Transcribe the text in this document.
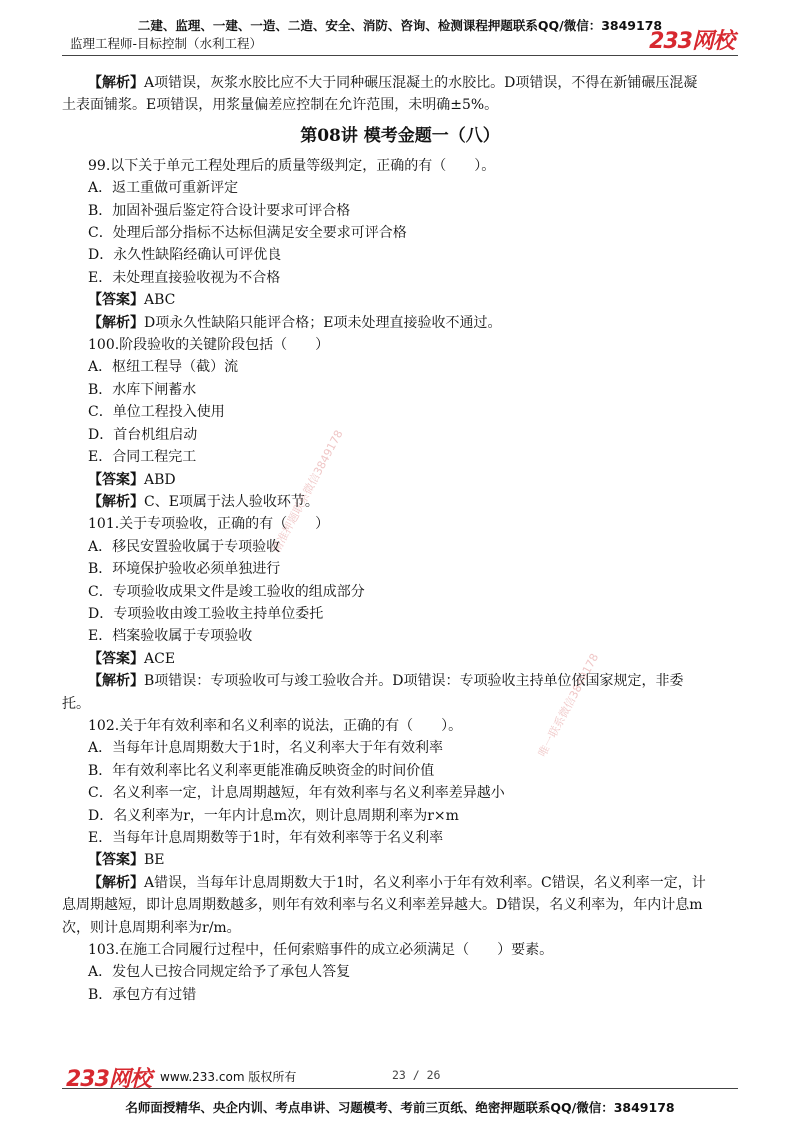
二建、监理、一建、一造、二造、安全、消防、咨询、检测课程押题联系QQ/微信：3849178
监理工程师-目标控制（水利工程）	233网校
精准押题联系微信3849178
唯一联系微信3849178

【解析】A项错误，灰浆水胶比应不大于同种碾压混凝土的水胶比。D项错误，不得在新铺碾压混凝

土表面铺浆。E项错误，用浆量偏差应控制在允许范围，未明确±5%。

第08讲 模考金题一（八）

99.以下关于单元工程处理后的质量等级判定，正确的有（　　）。

A．返工重做可重新评定

B．加固补强后鉴定符合设计要求可评合格

C．处理后部分指标不达标但满足安全要求可评合格

D．永久性缺陷经确认可评优良

E．未处理直接验收视为不合格

【答案】ABC

【解析】D项永久性缺陷只能评合格；E项未处理直接验收不通过。

100.阶段验收的关键阶段包括（　　）

A．枢纽工程导（截）流

B．水库下闸蓄水

C．单位工程投入使用

D．首台机组启动

E．合同工程完工

【答案】ABD

【解析】C、E项属于法人验收环节。

101.关于专项验收，正确的有（　　）

A．移民安置验收属于专项验收

B．环境保护验收必须单独进行

C．专项验收成果文件是竣工验收的组成部分

D．专项验收由竣工验收主持单位委托

E．档案验收属于专项验收

【答案】ACE

【解析】B项错误：专项验收可与竣工验收合并。D项错误：专项验收主持单位依国家规定，非委

托。

102.关于年有效利率和名义利率的说法，正确的有（　　）。

A．当每年计息周期数大于1时，名义利率大于年有效利率

B．年有效利率比名义利率更能准确反映资金的时间价值

C．名义利率一定，计息周期越短，年有效利率与名义利率差异越小

D．名义利率为r，一年内计息m次，则计息周期利率为r×m

E．当每年计息周期数等于1时，年有效利率等于名义利率

【答案】BE

【解析】A错误，当每年计息周期数大于1时，名义利率小于年有效利率。C错误，名义利率一定，计

息周期越短，即计息周期数越多，则年有效利率与名义利率差异越大。D错误，名义利率为，年内计息m

次，则计息周期利率为r/m。

103.在施工合同履行过程中，任何索赔事件的成立必须满足（　　）要素。

A．发包人已按合同规定给予了承包人答复

B．承包方有过错

233网校 www.233.com 版权所有	23 / 26
名师面授精华、央企内训、考点串讲、习题模考、考前三页纸、绝密押题联系QQ/微信：3849178
